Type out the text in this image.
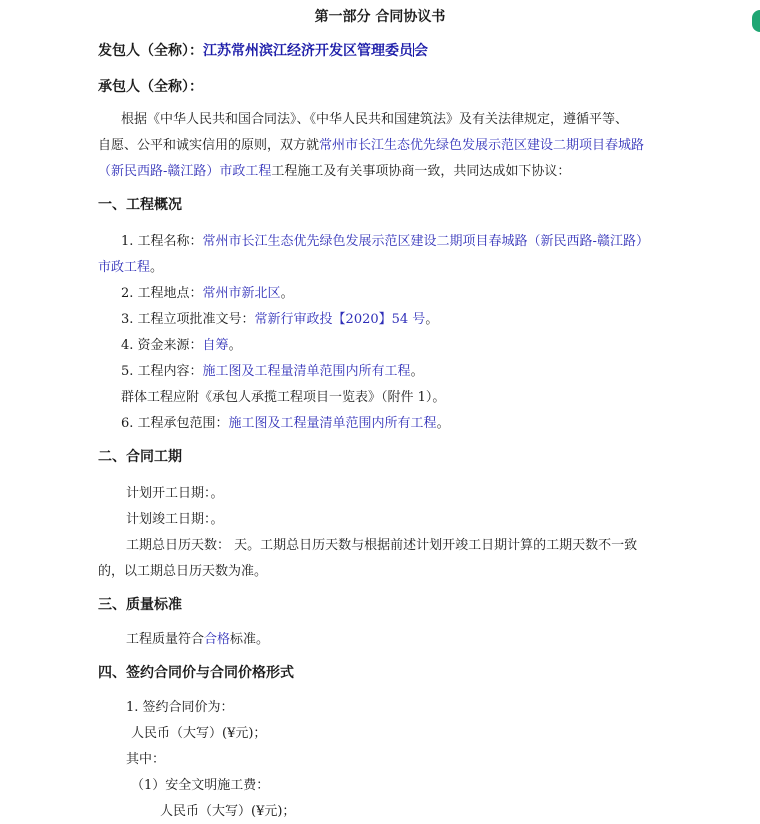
第一部分 合同协议书
发包人（全称）：江苏常州滨江经济开发区管理委员会
承包人（全称）：
根据《中华人民共和国合同法》、《中华人民共和国建筑法》及有关法律规定，遵循平等、
自愿、公平和诚实信用的原则，双方就常州市长江生态优先绿色发展示范区建设二期项目春城路
（新民西路-赣江路）市政工程工程施工及有关事项协商一致，共同达成如下协议：
一、工程概况
1. 工程名称：常州市长江生态优先绿色发展示范区建设二期项目春城路（新民西路-赣江路）
市政工程。
2. 工程地点：常州市新北区。
3. 工程立项批准文号：常新行审政投【2020】54 号。
4. 资金来源：自筹。
5. 工程内容：施工图及工程量清单范围内所有工程。
群体工程应附《承包人承揽工程项目一览表》（附件 1）。
6. 工程承包范围：施工图及工程量清单范围内所有工程。
二、合同工期
计划开工日期：。
计划竣工日期：。
工期总日历天数： 天。工期总日历天数与根据前述计划开竣工日期计算的工期天数不一致
的，以工期总日历天数为准。
三、质量标准
工程质量符合合格标准。
四、签约合同价与合同价格形式
1. 签约合同价为：
人民币（大写）(¥元)；
其中：
（1）安全文明施工费：
人民币（大写）(¥元)；
